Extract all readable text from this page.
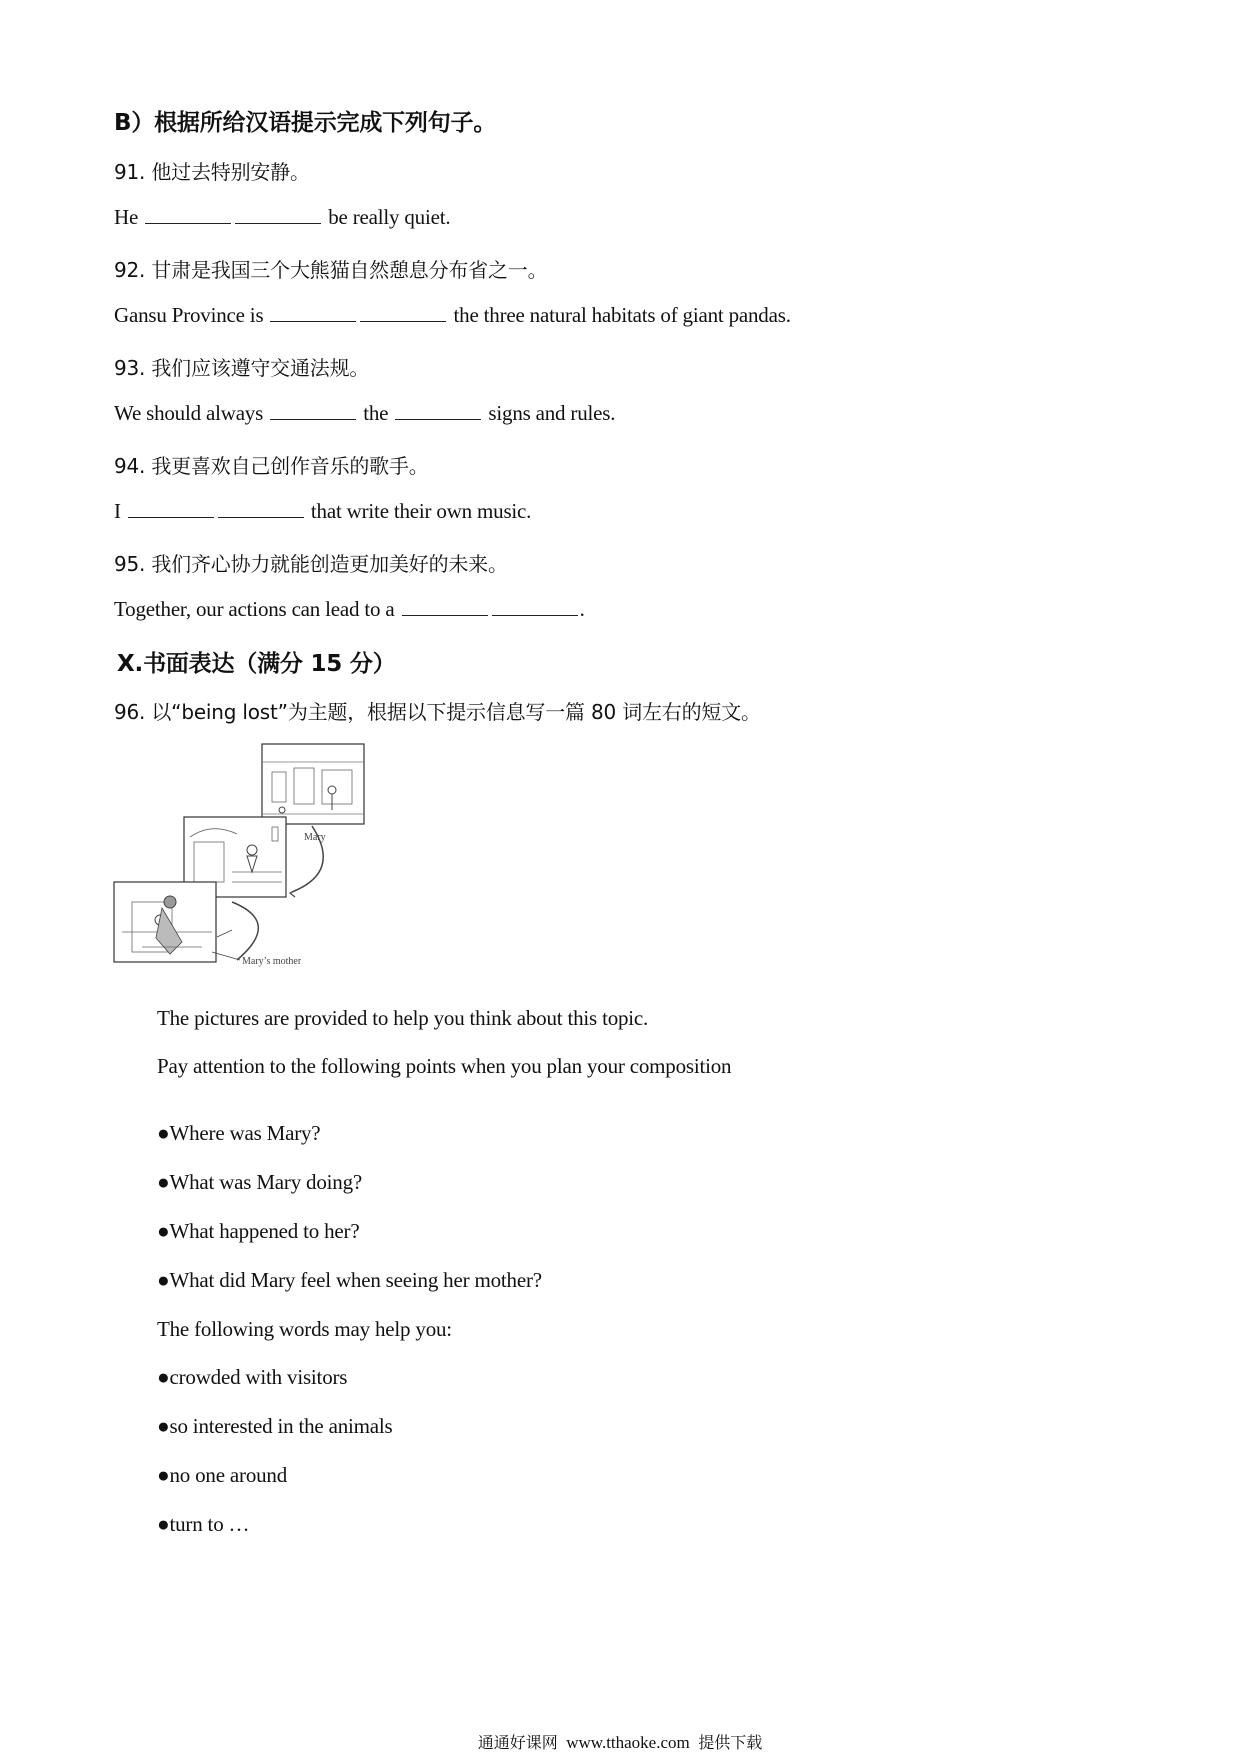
B）根据所给汉语提示完成下列句子。
91. 他过去特别安静。
He	be really quiet.
92. 甘肃是我国三个大熊猫自然憩息分布省之一。
Gansu Province is	the three natural habitats of giant pandas.
93. 我们应该遵守交通法规。
We should always	the	signs and rules.
94. 我更喜欢自己创作音乐的歌手。
I	that write their own music.
95. 我们齐心协力就能创造更加美好的未来。
Together, our actions can lead to a	.
X.书面表达（满分 15 分）
96. 以“being lost”为主题，根据以下提示信息写一篇 80 词左右的短文。
Mary
Mary’s mother
The pictures are provided to help you think about this topic.
Pay attention to the following points when you plan your composition
●Where was Mary?
●What was Mary doing?
●What happened to her?
●What did Mary feel when seeing her mother?
The following words may help you:
●crowded with visitors
●so interested in the animals
●no one around
●turn to …
通通好课网 www.tthaoke.com 提供下载
